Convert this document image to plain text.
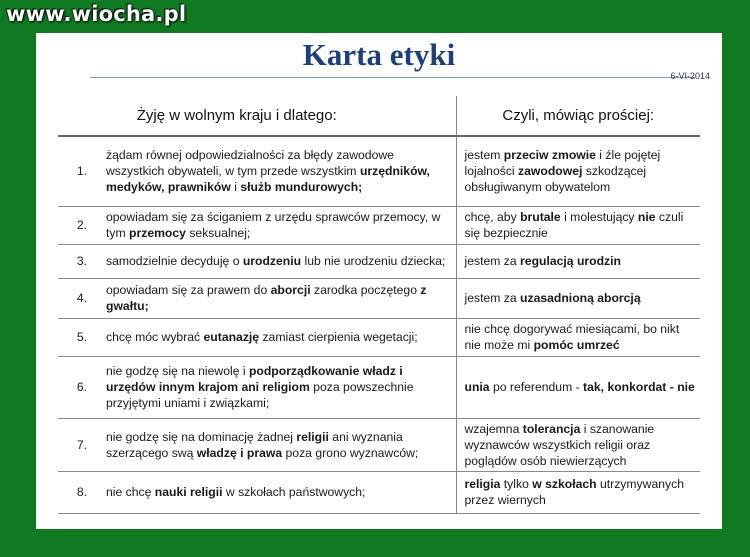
Karta etyki
6-VI-2014
Żyję w wolnym kraju i dlatego:		Czyli, mówiąc prościej:
1.	żądam równej odpowiedzialności za błędy zawodowe wszystkich obywateli, w tym przede wszystkim urzędników, medyków, prawników i służb mundurowych;	jestem przeciw zmowie i źle pojętej lojalności zawodowej szkodzącej obsługiwanym obywatelom
2.	opowiadam się za ściganiem z urzędu sprawców przemocy, w tym przemocy seksualnej;	chcę, aby brutale i molestujący nie czuli się bezpiecznie
3.	samodzielnie decyduję o urodzeniu lub nie urodzeniu dziecka;	jestem za regulacją urodzin
4.	opowiadam się za prawem do aborcji zarodka poczętego z gwałtu;	jestem za uzasadnioną aborcją
5.	chcę móc wybrać eutanazję zamiast cierpienia wegetacji;	nie chcę dogorywać miesiącami, bo nikt nie może mi pomóc umrzeć
6.	nie godzę się na niewolę i podporządkowanie władz i urzędów innym krajom ani religiom poza powszechnie przyjętymi uniami i związkami;	unia po referendum - tak, konkordat - nie
7.	nie godzę się na dominację żadnej religii ani wyznania szerzącego swą władzę i prawa poza grono wyznawców;	wzajemna tolerancja i szanowanie wyznawców wszystkich religii oraz poglądów osób niewierzących
8.	nie chcę nauki religii w szkołach państwowych;	religia tylko w szkołach utrzymywanych przez wiernych
www.wiocha.pl
